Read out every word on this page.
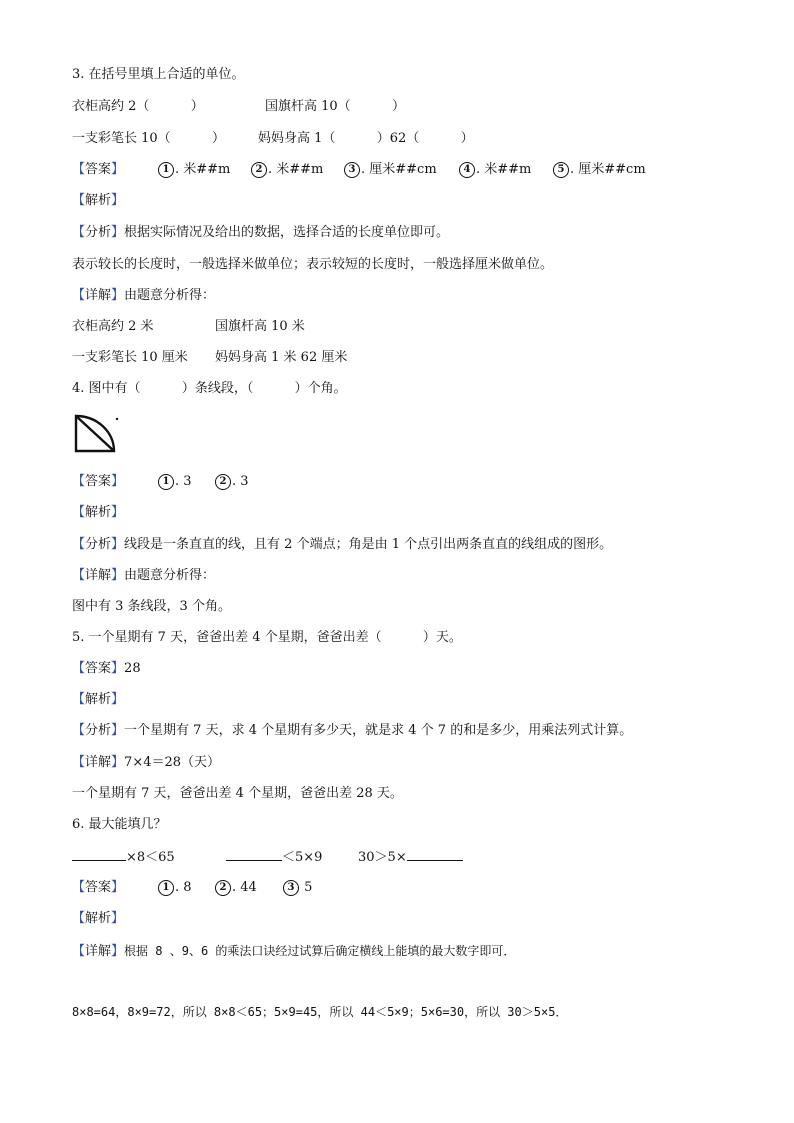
3. 在括号里填上合适的单位。
衣柜高约 2（          ）	国旗杆高 10（          ）
一支彩笔长 10（          ）	妈妈身高 1（          ）62（          ）
【答案】	1 . 米##m	2 . 米##m	3 . 厘米##cm	4 . 米##m	5 . 厘米##cm
【解析】
【分析】根据实际情况及给出的数据，选择合适的长度单位即可。
表示较长的长度时，一般选择米做单位；表示较短的长度时，一般选择厘米做单位。
【详解】由题意分析得：
衣柜高约 2 米	国旗杆高 10 米
一支彩笔长 10 厘米 妈妈身高 1 米 62 厘米
4. 图中有（          ）条线段，（          ）个角。
【答案】	1 . 3	2 . 3
【解析】
【分析】线段是一条直直的线，且有 2 个端点；角是由 1 个点引出两条直直的线组成的图形。
【详解】由题意分析得：
图中有 3 条线段，3 个角。
5. 一个星期有 7 天，爸爸出差 4 个星期，爸爸出差（          ）天。
【答案】28
【解析】
【分析】一个星期有 7 天，求 4 个星期有多少天，就是求 4 个 7 的和是多少，用乘法列式计算。
【详解】7×4＝28（天）
一个星期有 7 天，爸爸出差 4 个星期，爸爸出差 28 天。
6. 最大能填几？
×8＜65	＜5×9	30＞5×
【答案】	1 . 8	2 . 44	3 5
【解析】
【详解】根据 8 、9、6 的乘法口诀经过试算后确定横线上能填的最大数字即可．
8×8=64，8×9=72，所以 8×8＜65；5×9=45，所以 44＜5×9；5×6=30，所以 30＞5×5．
